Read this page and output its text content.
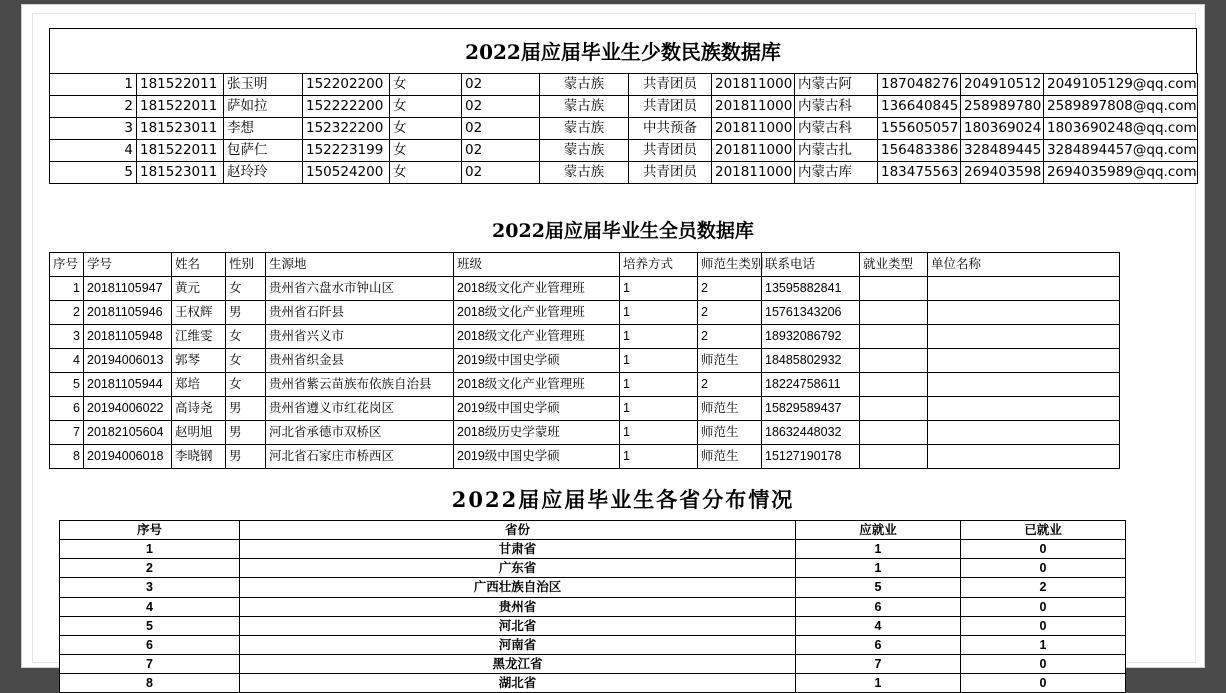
2022届应届毕业生少数民族数据库
1	181522011	张玉明	152202200	女	02	蒙古族	共青团员	201811000	内蒙古阿	187048276	204910512	2049105129@qq.com
2	181522011	萨如拉	152222200	女	02	蒙古族	共青团员	201811000	内蒙古科	136640845	258989780	2589897808@qq.com
3	181523011	李想	152322200	女	02	蒙古族	中共预备	201811000	内蒙古科	155605057	180369024	1803690248@qq.com
4	181522011	包萨仁	152223199	女	02	蒙古族	共青团员	201811000	内蒙古扎	156483386	328489445	3284894457@qq.com
5	181523011	赵玲玲	150524200	女	02	蒙古族	共青团员	201811000	内蒙古库	183475563	269403598	2694035989@qq.com
2022届应届毕业生全员数据库
序号	学号	姓名	性别	生源地	班级	培养方式	师范生类别	联系电话	就业类型	单位名称
1	20181105947	黄元	女	贵州省六盘水市钟山区	2018级文化产业管理班	1	2	13595882841		
2	20181105946	王权辉	男	贵州省石阡县	2018级文化产业管理班	1	2	15761343206		
3	20181105948	江维雯	女	贵州省兴义市	2018级文化产业管理班	1	2	18932086792		
4	20194006013	郭琴	女	贵州省织金县	2019级中国史学硕	1	师范生	18485802932		
5	20181105944	郑培	女	贵州省紫云苗族布依族自治县	2018级文化产业管理班	1	2	18224758611		
6	20194006022	高诗尧	男	贵州省遵义市红花岗区	2019级中国史学硕	1	师范生	15829589437		
7	20182105604	赵明旭	男	河北省承德市双桥区	2018级历史学蒙班	1	师范生	18632448032		
8	20194006018	李晓钢	男	河北省石家庄市桥西区	2019级中国史学硕	1	师范生	15127190178		
2022届应届毕业生各省分布情况
序号	省份	应就业	已就业
1	甘肃省	1	0
2	广东省	1	0
3	广西壮族自治区	5	2
4	贵州省	6	0
5	河北省	4	0
6	河南省	6	1
7	黑龙江省	7	0
8	湖北省	1	0
